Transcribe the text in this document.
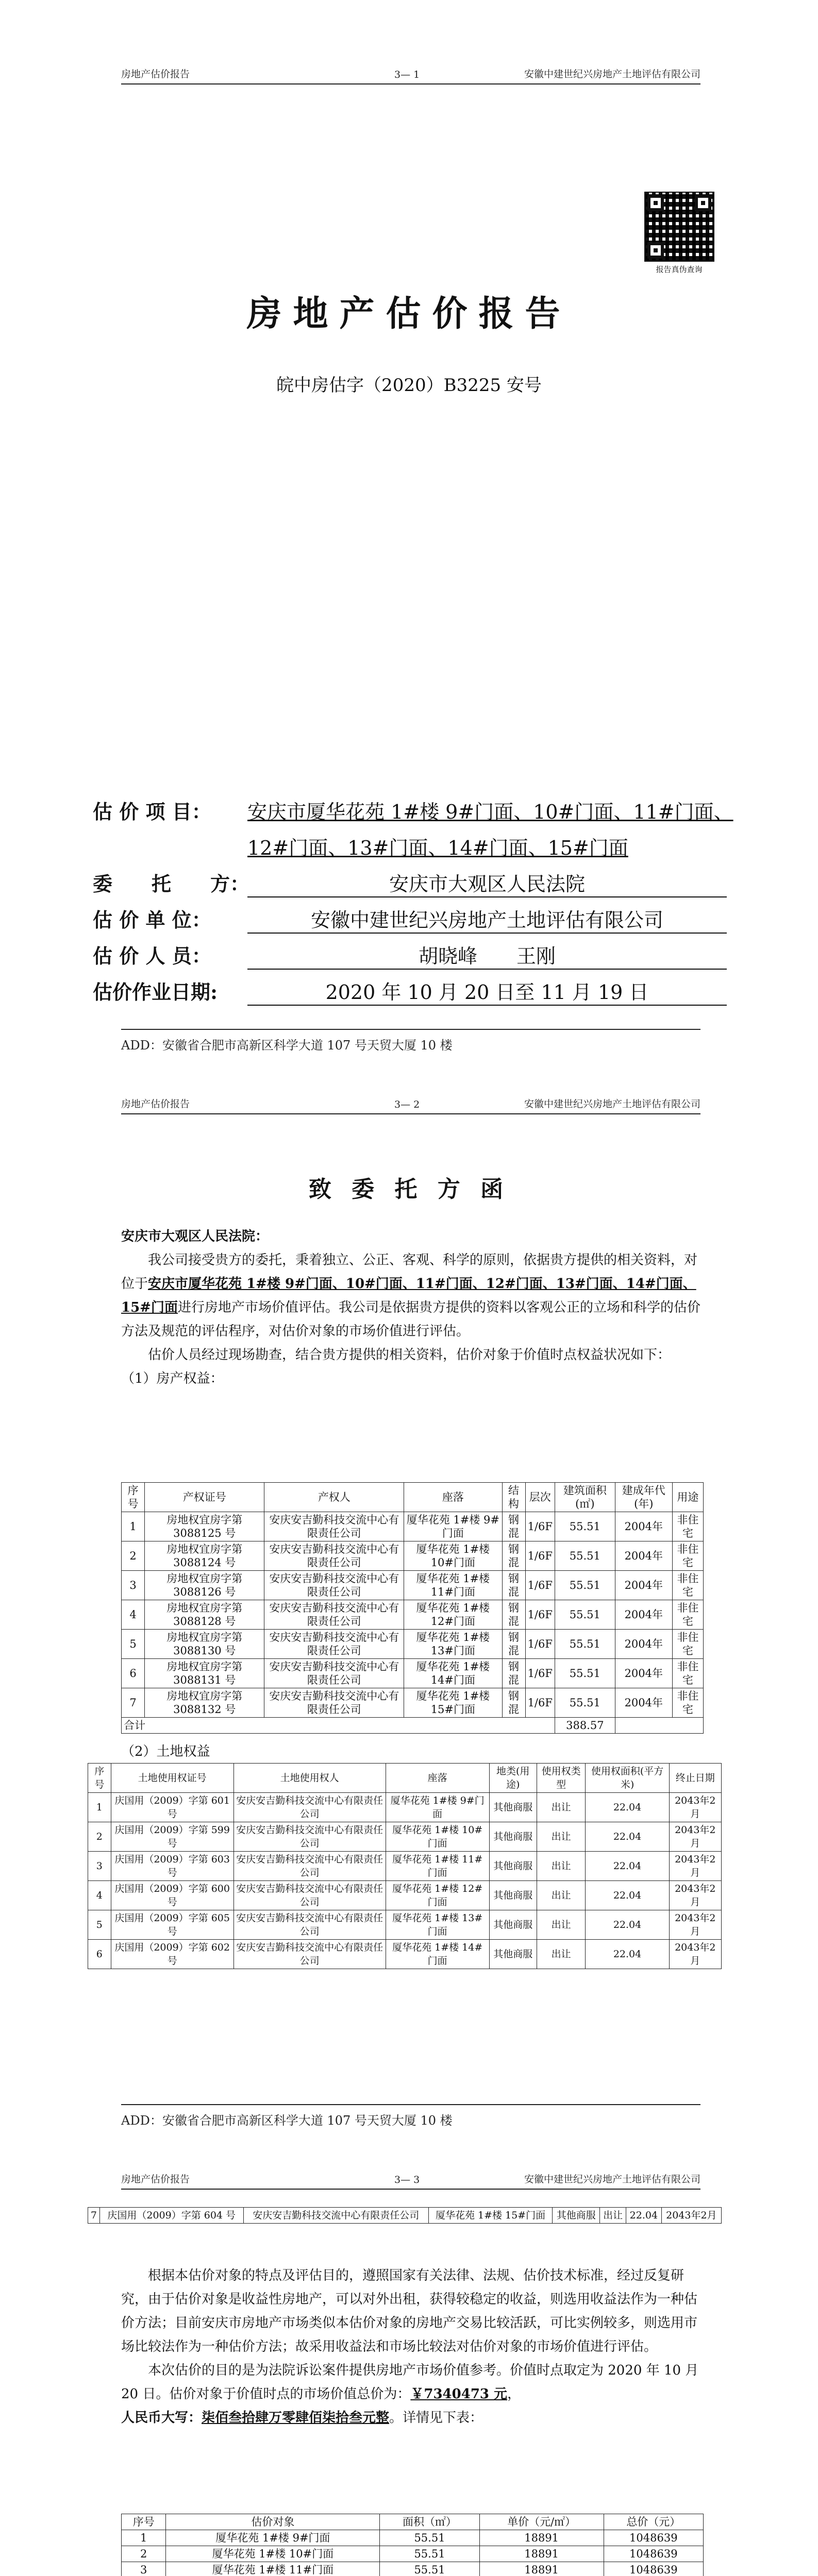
房地产估价报告	3— 1	安徽中建世纪兴房地产土地评估有限公司
报告真伪查询
房地产估价报告
皖中房估字（2020）B3225 安号
估 价 项 目：	安庆市厦华花苑 1#楼 9#门面、10#门面、11#门面、
12#门面、13#门面、14#门面、15#门面
委　　托　　方：	安庆市大观区人民法院
估 价 单 位：	安徽中建世纪兴房地产土地评估有限公司
估 价 人 员：	胡晓峰　　王刚
估价作业日期:	2020 年 10 月 20 日至 11 月 19 日
ADD：安徽省合肥市高新区科学大道 107 号天贸大厦 10 楼
房地产估价报告	3— 2	安徽中建世纪兴房地产土地评估有限公司
致 委 托 方 函

安庆市大观区人民法院：

我公司接受贵方的委托，秉着独立、公正、客观、科学的原则，依据贵方提供的相关资料，对位于安庆市厦华花苑 1#楼 9#门面、10#门面、11#门面、12#门面、13#门面、14#门面、15#门面进行房地产市场价值评估。我公司是依据贵方提供的资料以客观公正的立场和科学的估价方法及规范的评估程序，对估价对象的市场价值进行评估。

估价人员经过现场勘查，结合贵方提供的相关资料，估价对象于价值时点权益状况如下：

（1）房产权益：

序号	产权证号	产权人	座落	结构	层次	建筑面积(㎡)	建成年代(年)	用途
1	房地权宜房字第 3088125 号	安庆安吉勤科技交流中心有限责任公司	厦华花苑 1#楼 9#门面	钢混	1/6F	55.51	2004年	非住宅
2	房地权宜房字第 3088124 号	安庆安吉勤科技交流中心有限责任公司	厦华花苑 1#楼 10#门面	钢混	1/6F	55.51	2004年	非住宅
3	房地权宜房字第 3088126 号	安庆安吉勤科技交流中心有限责任公司	厦华花苑 1#楼 11#门面	钢混	1/6F	55.51	2004年	非住宅
4	房地权宜房字第 3088128 号	安庆安吉勤科技交流中心有限责任公司	厦华花苑 1#楼 12#门面	钢混	1/6F	55.51	2004年	非住宅
5	房地权宜房字第 3088130 号	安庆安吉勤科技交流中心有限责任公司	厦华花苑 1#楼 13#门面	钢混	1/6F	55.51	2004年	非住宅
6	房地权宜房字第 3088131 号	安庆安吉勤科技交流中心有限责任公司	厦华花苑 1#楼 14#门面	钢混	1/6F	55.51	2004年	非住宅
7	房地权宜房字第 3088132 号	安庆安吉勤科技交流中心有限责任公司	厦华花苑 1#楼 15#门面	钢混	1/6F	55.51	2004年	非住宅
合计						388.57		

（2）土地权益

序号	土地使用权证号	土地使用权人	座落	地类(用途)	使用权类型	使用权面积(平方米)	终止日期
1	庆国用（2009）字第 601 号	安庆安吉勤科技交流中心有限责任公司	厦华花苑 1#楼 9#门面	其他商服	出让	22.04	2043年2月
2	庆国用（2009）字第 599 号	安庆安吉勤科技交流中心有限责任公司	厦华花苑 1#楼 10#门面	其他商服	出让	22.04	2043年2月
3	庆国用（2009）字第 603 号	安庆安吉勤科技交流中心有限责任公司	厦华花苑 1#楼 11#门面	其他商服	出让	22.04	2043年2月
4	庆国用（2009）字第 600 号	安庆安吉勤科技交流中心有限责任公司	厦华花苑 1#楼 12#门面	其他商服	出让	22.04	2043年2月
5	庆国用（2009）字第 605 号	安庆安吉勤科技交流中心有限责任公司	厦华花苑 1#楼 13#门面	其他商服	出让	22.04	2043年2月
6	庆国用（2009）字第 602 号	安庆安吉勤科技交流中心有限责任公司	厦华花苑 1#楼 14#门面	其他商服	出让	22.04	2043年2月
ADD：安徽省合肥市高新区科学大道 107 号天贸大厦 10 楼
房地产估价报告	3— 3	安徽中建世纪兴房地产土地评估有限公司
7	庆国用（2009）字第 604 号	安庆安吉勤科技交流中心有限责任公司	厦华花苑 1#楼 15#门面	其他商服	出让	22.04	2043年2月

根据本估价对象的特点及评估目的，遵照国家有关法律、法规、估价技术标准，经过反复研究，由于估价对象是收益性房地产，可以对外出租，获得较稳定的收益，则选用收益法作为一种估价方法；目前安庆市房地产市场类似本估价对象的房地产交易比较活跃，可比实例较多，则选用市场比较法作为一种估价方法；故采用收益法和市场比较法对估价对象的市场价值进行评估。

本次估价的目的是为法院诉讼案件提供房地产市场价值参考。价值时点取定为 2020 年 10 月 20 日。估价对象于价值时点的市场价值总价为：￥7340473 元，

人民币大写：柒佰叁拾肆万零肆佰柒拾叁元整。详情见下表：

序号	估价对象	面积（㎡）	单价（元/㎡）	总价（元）
1	厦华花苑 1#楼 9#门面	55.51	18891	1048639
2	厦华花苑 1#楼 10#门面	55.51	18891	1048639
3	厦华花苑 1#楼 11#门面	55.51	18891	1048639
